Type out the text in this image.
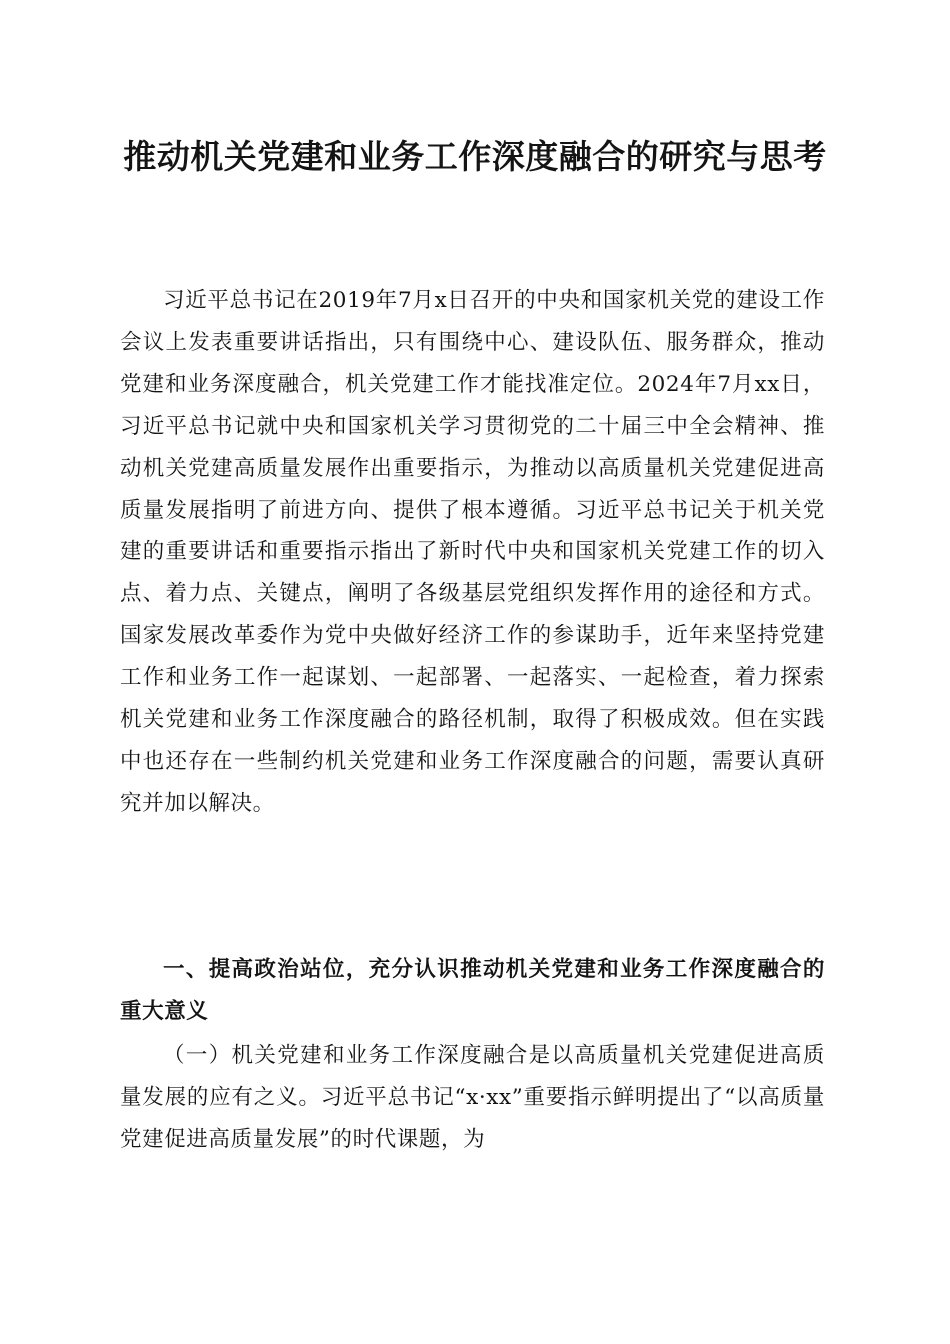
推动机关党建和业务工作深度融合的研究与思考

习近平总书记在2019年7月x日召开的中央和国家机关党的建设工作会议上发表重要讲话指出，只有围绕中心、建设队伍、服务群众，推动党建和业务深度融合，机关党建工作才能找准定位。2024年7月xx日，习近平总书记就中央和国家机关学习贯彻党的二十届三中全会精神、推动机关党建高质量发展作出重要指示，为推动以高质量机关党建促进高质量发展指明了前进方向、提供了根本遵循。习近平总书记关于机关党建的重要讲话和重要指示指出了新时代中央和国家机关党建工作的切入点、着力点、关键点，阐明了各级基层党组织发挥作用的途径和方式。国家发展改革委作为党中央做好经济工作的参谋助手，近年来坚持党建工作和业务工作一起谋划、一起部署、一起落实、一起检查，着力探索机关党建和业务工作深度融合的路径机制，取得了积极成效。但在实践中也还存在一些制约机关党建和业务工作深度融合的问题，需要认真研究并加以解决。

一、提高政治站位，充分认识推动机关党建和业务工作深度融合的重大意义

（一）机关党建和业务工作深度融合是以高质量机关党建促进高质量发展的应有之义。习近平总书记“x·xx”重要指示鲜明提出了“以高质量党建促进高质量发展”的时代课题，为
